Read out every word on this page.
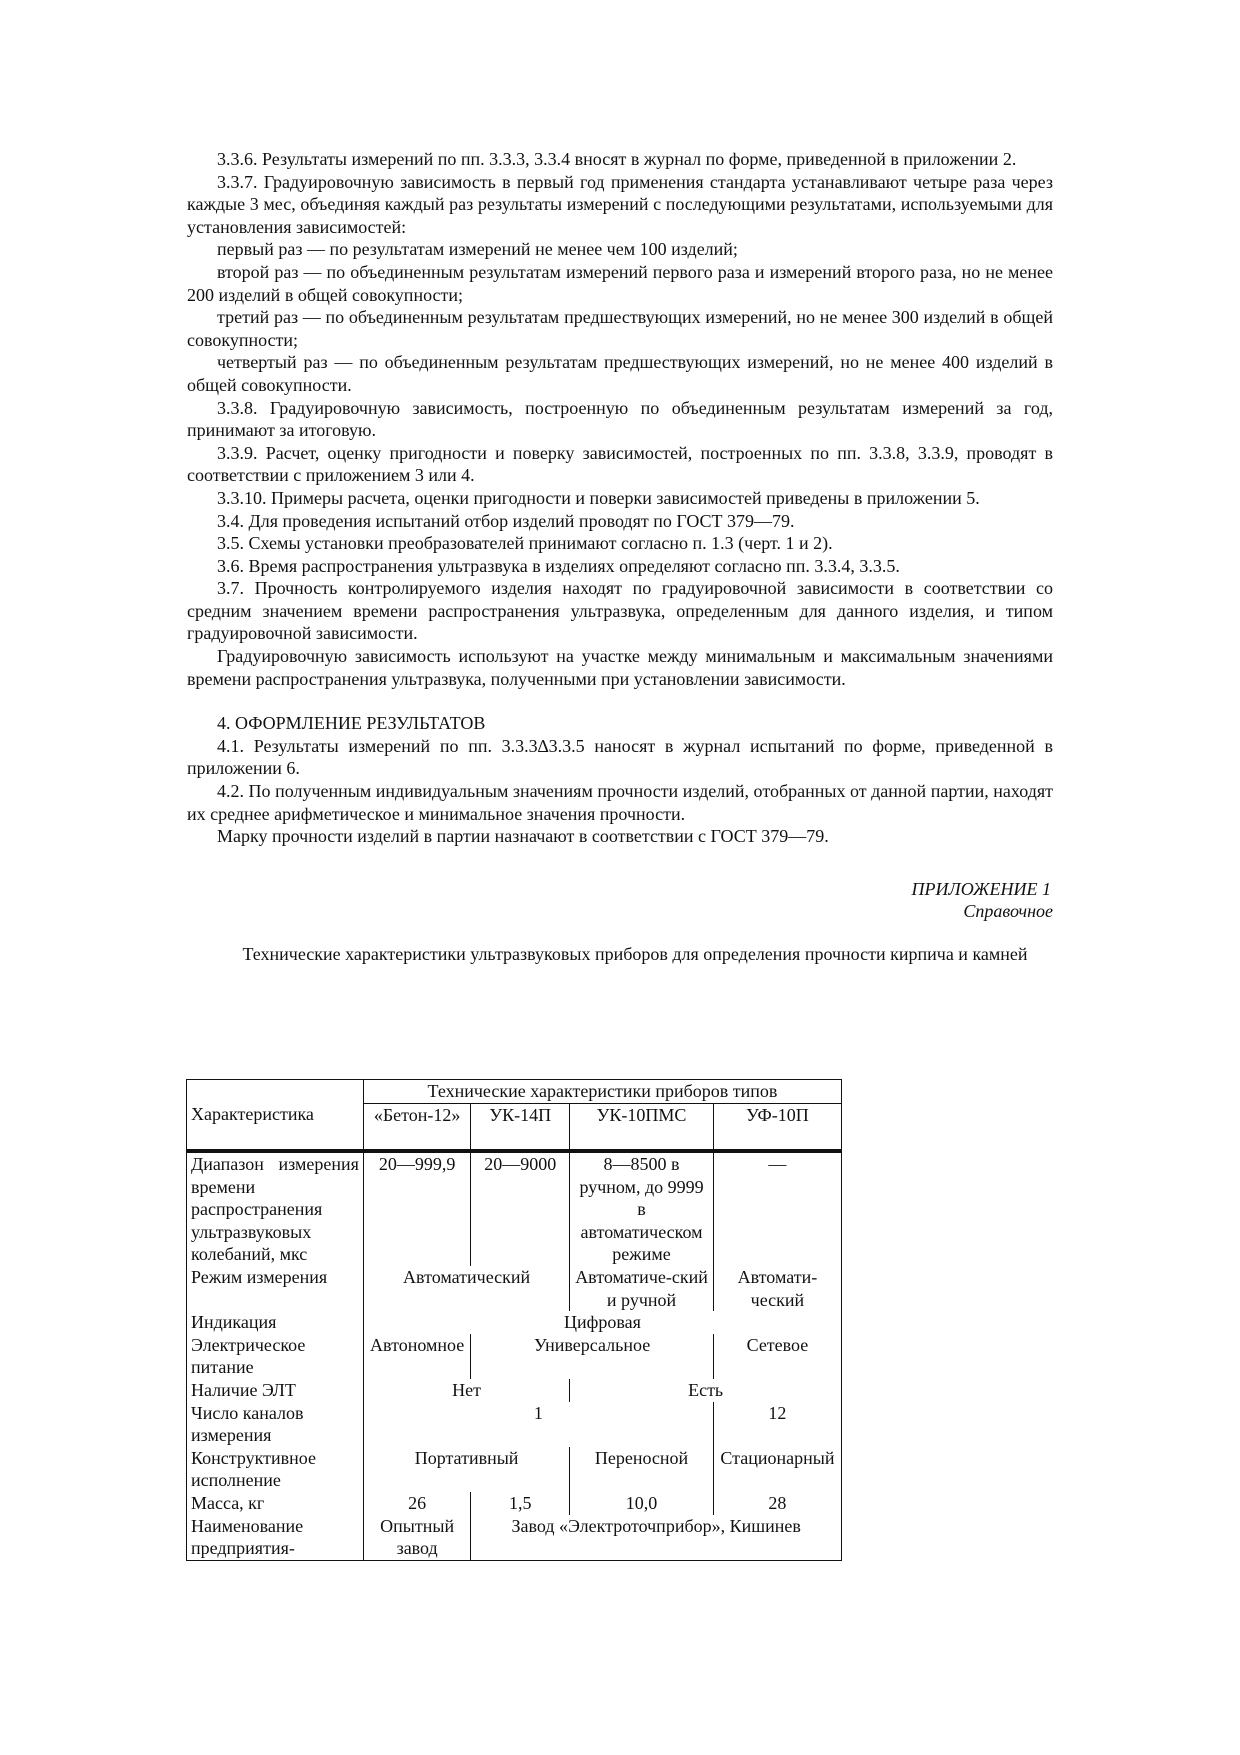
3.3.6. Результаты измерений по пп. 3.3.3, 3.3.4 вносят в журнал по форме, приведенной в приложении 2.

3.3.7. Градуировочную зависимость в первый год применения стандарта устанавливают четыре раза через каждые 3 мес, объединяя каждый раз результаты измерений с последующими результатами, используемыми для установления зависимостей:

первый раз — по результатам измерений не менее чем 100 изделий;

второй раз — по объединенным результатам измерений первого раза и измерений второго раза, но не менее 200 изделий в общей совокупности;

третий раз — по объединенным результатам предшествующих измерений, но не менее 300 изделий в общей совокупности;

четвертый раз — по объединенным результатам предшествующих измерений, но не менее 400 изделий в общей совокупности.

3.3.8. Градуировочную зависимость, построенную по объединенным результатам измерений за год, принимают за итоговую.

3.3.9. Расчет, оценку пригодности и поверку зависимостей, построенных по пп. 3.3.8, 3.3.9, проводят в соответствии с приложением 3 или 4.

3.3.10. Примеры расчета, оценки пригодности и поверки зависимостей приведены в приложении 5.

3.4. Для проведения испытаний отбор изделий проводят по ГОСТ 379—79.

3.5. Схемы установки преобразователей принимают согласно п. 1.3 (черт. 1 и 2).

3.6. Время распространения ультразвука в изделиях определяют согласно пп. 3.3.4, 3.3.5.

3.7. Прочность контролируемого изделия находят по градуировочной зависимости в соответствии со средним значением времени распространения ультразвука, определенным для данного изделия, и типом градуировочной зависимости.

Градуировочную зависимость используют на участке между минимальным и максимальным значениями времени распространения ультразвука, полученными при установлении зависимости.

4. ОФОРМЛЕНИЕ РЕЗУЛЬТАТОВ

4.1. Результаты измерений по пп. 3.3.3∆3.3.5 наносят в журнал испытаний по форме, приведенной в приложении 6.

4.2. По полученным индивидуальным значениям прочности изделий, отобранных от данной партии, находят их среднее арифметическое и минимальное значения прочности.

Марку прочности изделий в партии назначают в соответствии с ГОСТ 379—79.

ПРИЛОЖЕНИЕ 1

Справочное

Технические характеристики ультразвуковых приборов для определения прочности кирпича и камней

Характеристика	Технические характеристики приборов типов			
	«Бетон-12»	УК-14П	УК-10ПМС	УФ-10П
Диапазон измерения времени распространения ультразвуковых колебаний, мкс	20—999,9	20—9000	8—8500 в ручном, до 9999 в автоматическом режиме	—
Режим измерения	Автоматический		Автоматиче-ский и ручной	Автомати-ческий
Индикация	Цифровая			
Электрическое питание	Автономное	Универсальное		Сетевое
Наличие ЭЛТ	Нет		Есть	
Число каналов измерения	1			12
Конструктивное исполнение	Портативный		Переносной	Стационарный
Масса, кг	26	1,5	10,0	28
Наименование предприятия-	Опытный завод	Завод «Электроточприбор», Кишинев		
